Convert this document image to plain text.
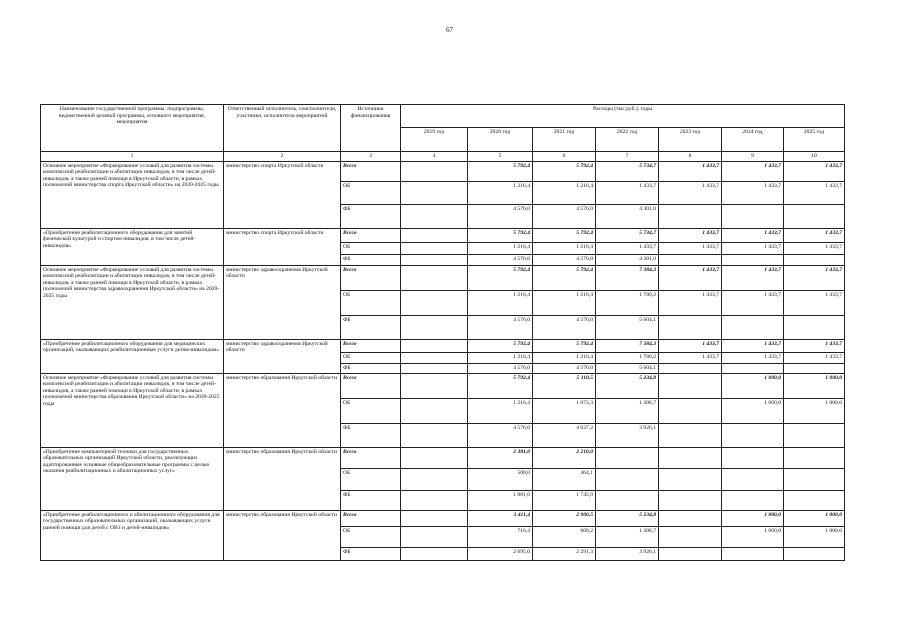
67
Наименование государственной программы, подпрограммы, ведомственной целевой программы, основного мероприятия, мероприятия	Ответственный исполнитель, соисполнители, участники, исполнители мероприятий	Источники финансирования	Расходы (тыс.руб.), годы						
			2019 год	2020 год	2021 год	2022 год	2023 год	2024 год	2025 год
1	2	3	4	5	6	7	8	9	10
Основное мероприятие «Формирование условий для развития системы комплексной реабилитации и абилитации инвалидов, в том числе детей-инвалидов, а также ранней помощи в Иркутской области, в рамках полномочий министерства спорта Иркутской области» на 2020-2025 годы	министерство спорта Иркутской области	Всего		5 792,4	5 792,4	5 734,7	1 433,7	1 433,7	1 433,7
		ОБ		1 216,4	1 216,4	1 433,7	1 433,7	1 433,7	1 433,7
		ФБ		4 576,0	4 576,0	4 301,0			
«Приобретение реабилитационного оборудования для занятий физической культурой и спортом инвалидов, в том числе детей-инвалидов»	министерство спорта Иркутской области	Всего		5 792,4	5 792,4	5 734,7	1 433,7	1 433,7	1 433,7
		ОБ		1 216,4	1 216,4	1 433,7	1 433,7	1 433,7	1 433,7
		ФБ		4 576,0	4 576,0	4 301,0			
Основное мероприятие «Формирование условий для развития системы комплексной реабилитации и абилитации инвалидов, в том числе детей-инвалидов, а также ранней помощи в Иркутской области, в рамках полномочий министерства здравоохранения Иркутской области» на 2020-2025 годы	министерство здравоохранения Иркутской области	Всего		5 792,4	5 792,4	7 384,3	1 433,7	1 433,7	1 433,7
		ОБ		1 216,4	1 216,4	1 780,2	1 433,7	1 433,7	1 433,7
		ФБ		4 576,0	4 576,0	5 604,1			
«Приобретение реабилитационного оборудования для медицинских организаций, оказывающих реабилитационные услуги детям-инвалидам»	министерство здравоохранения Иркутской области	Всего		5 792,4	5 792,4	7 384,3	1 433,7	1 433,7	1 433,7
		ОБ		1 216,4	1 216,4	1 780,2	1 433,7	1 433,7	1 433,7
		ФБ		4 576,0	4 576,0	5 604,1			
Основное мероприятие «Формирование условий для развития системы комплексной реабилитации и абилитации инвалидов, в том числе детей-инвалидов, а также ранней помощи в Иркутской области, в рамках полномочий министерства образования Иркутской области» на 2020-2025 годы	министерство образования Иркутской области	Всего		5 792,4	5 110,5	5 234,8		1 000,0	1 000,0
		ОБ		1 216,4	1 073,3	1 308,7		1 000,0	1 000,0
		ФБ		4 576,0	4 037,2	3 926,1			
«Приобретение компьютерной техники для государственных образовательных организаций Иркутской области, реализующих адаптированные основные общеобразовательные программы с целью оказания реабилитационных и абилитационных услуг»	министерство образования Иркутской области	Всего		2 381,0	2 210,0				
		ОБ		500,0	464,1				
		ФБ		1 881,0	1 745,9				
«Приобретение реабилитационного и абилитационного оборудования для государственных образовательных организаций, оказывающих услуги ранней помощи для детей с ОВЗ и детей-инвалидов»	министерство образования Иркутской области	Всего		3 411,4	2 900,5	5 234,8		1 000,0	1 000,0
		ОБ		716,4	609,2	1 308,7		1 000,0	1 000,0
		ФБ		2 695,0	2 291,3	3 926,1			
